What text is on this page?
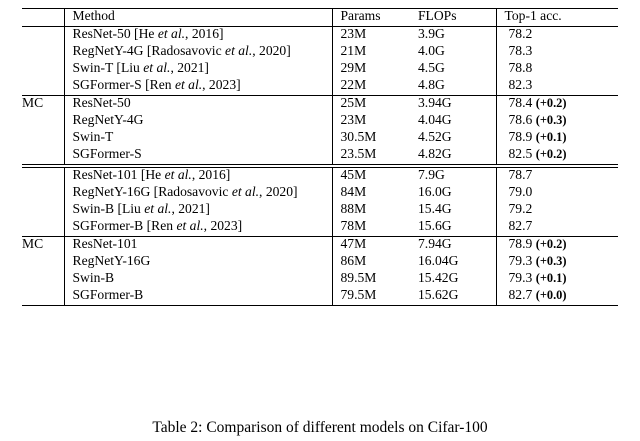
	Method	Params	FLOPs	Top-1 acc.

	ResNet-50 [He et al., 2016]	23M	3.9G	78.2

	RegNetY-4G [Radosavovic et al., 2020]	21M	4.0G	78.3

	Swin-T [Liu et al., 2021]	29M	4.5G	78.8

	SGFormer-S [Ren et al., 2023]	22M	4.8G	82.3

MC	ResNet-50	25M	3.94G	78.4 (+0.2)

	RegNetY-4G	23M	4.04G	78.6 (+0.3)

	Swin-T	30.5M	4.52G	78.9 (+0.1)

	SGFormer-S	23.5M	4.82G	82.5 (+0.2)

	ResNet-101 [He et al., 2016]	45M	7.9G	78.7

	RegNetY-16G [Radosavovic et al., 2020]	84M	16.0G	79.0

	Swin-B [Liu et al., 2021]	88M	15.4G	79.2

	SGFormer-B [Ren et al., 2023]	78M	15.6G	82.7

MC	ResNet-101	47M	7.94G	78.9 (+0.2)

	RegNetY-16G	86M	16.04G	79.3 (+0.3)

	Swin-B	89.5M	15.42G	79.3 (+0.1)

	SGFormer-B	79.5M	15.62G	82.7 (+0.0)

Table 2: Comparison of different models on Cifar-100
